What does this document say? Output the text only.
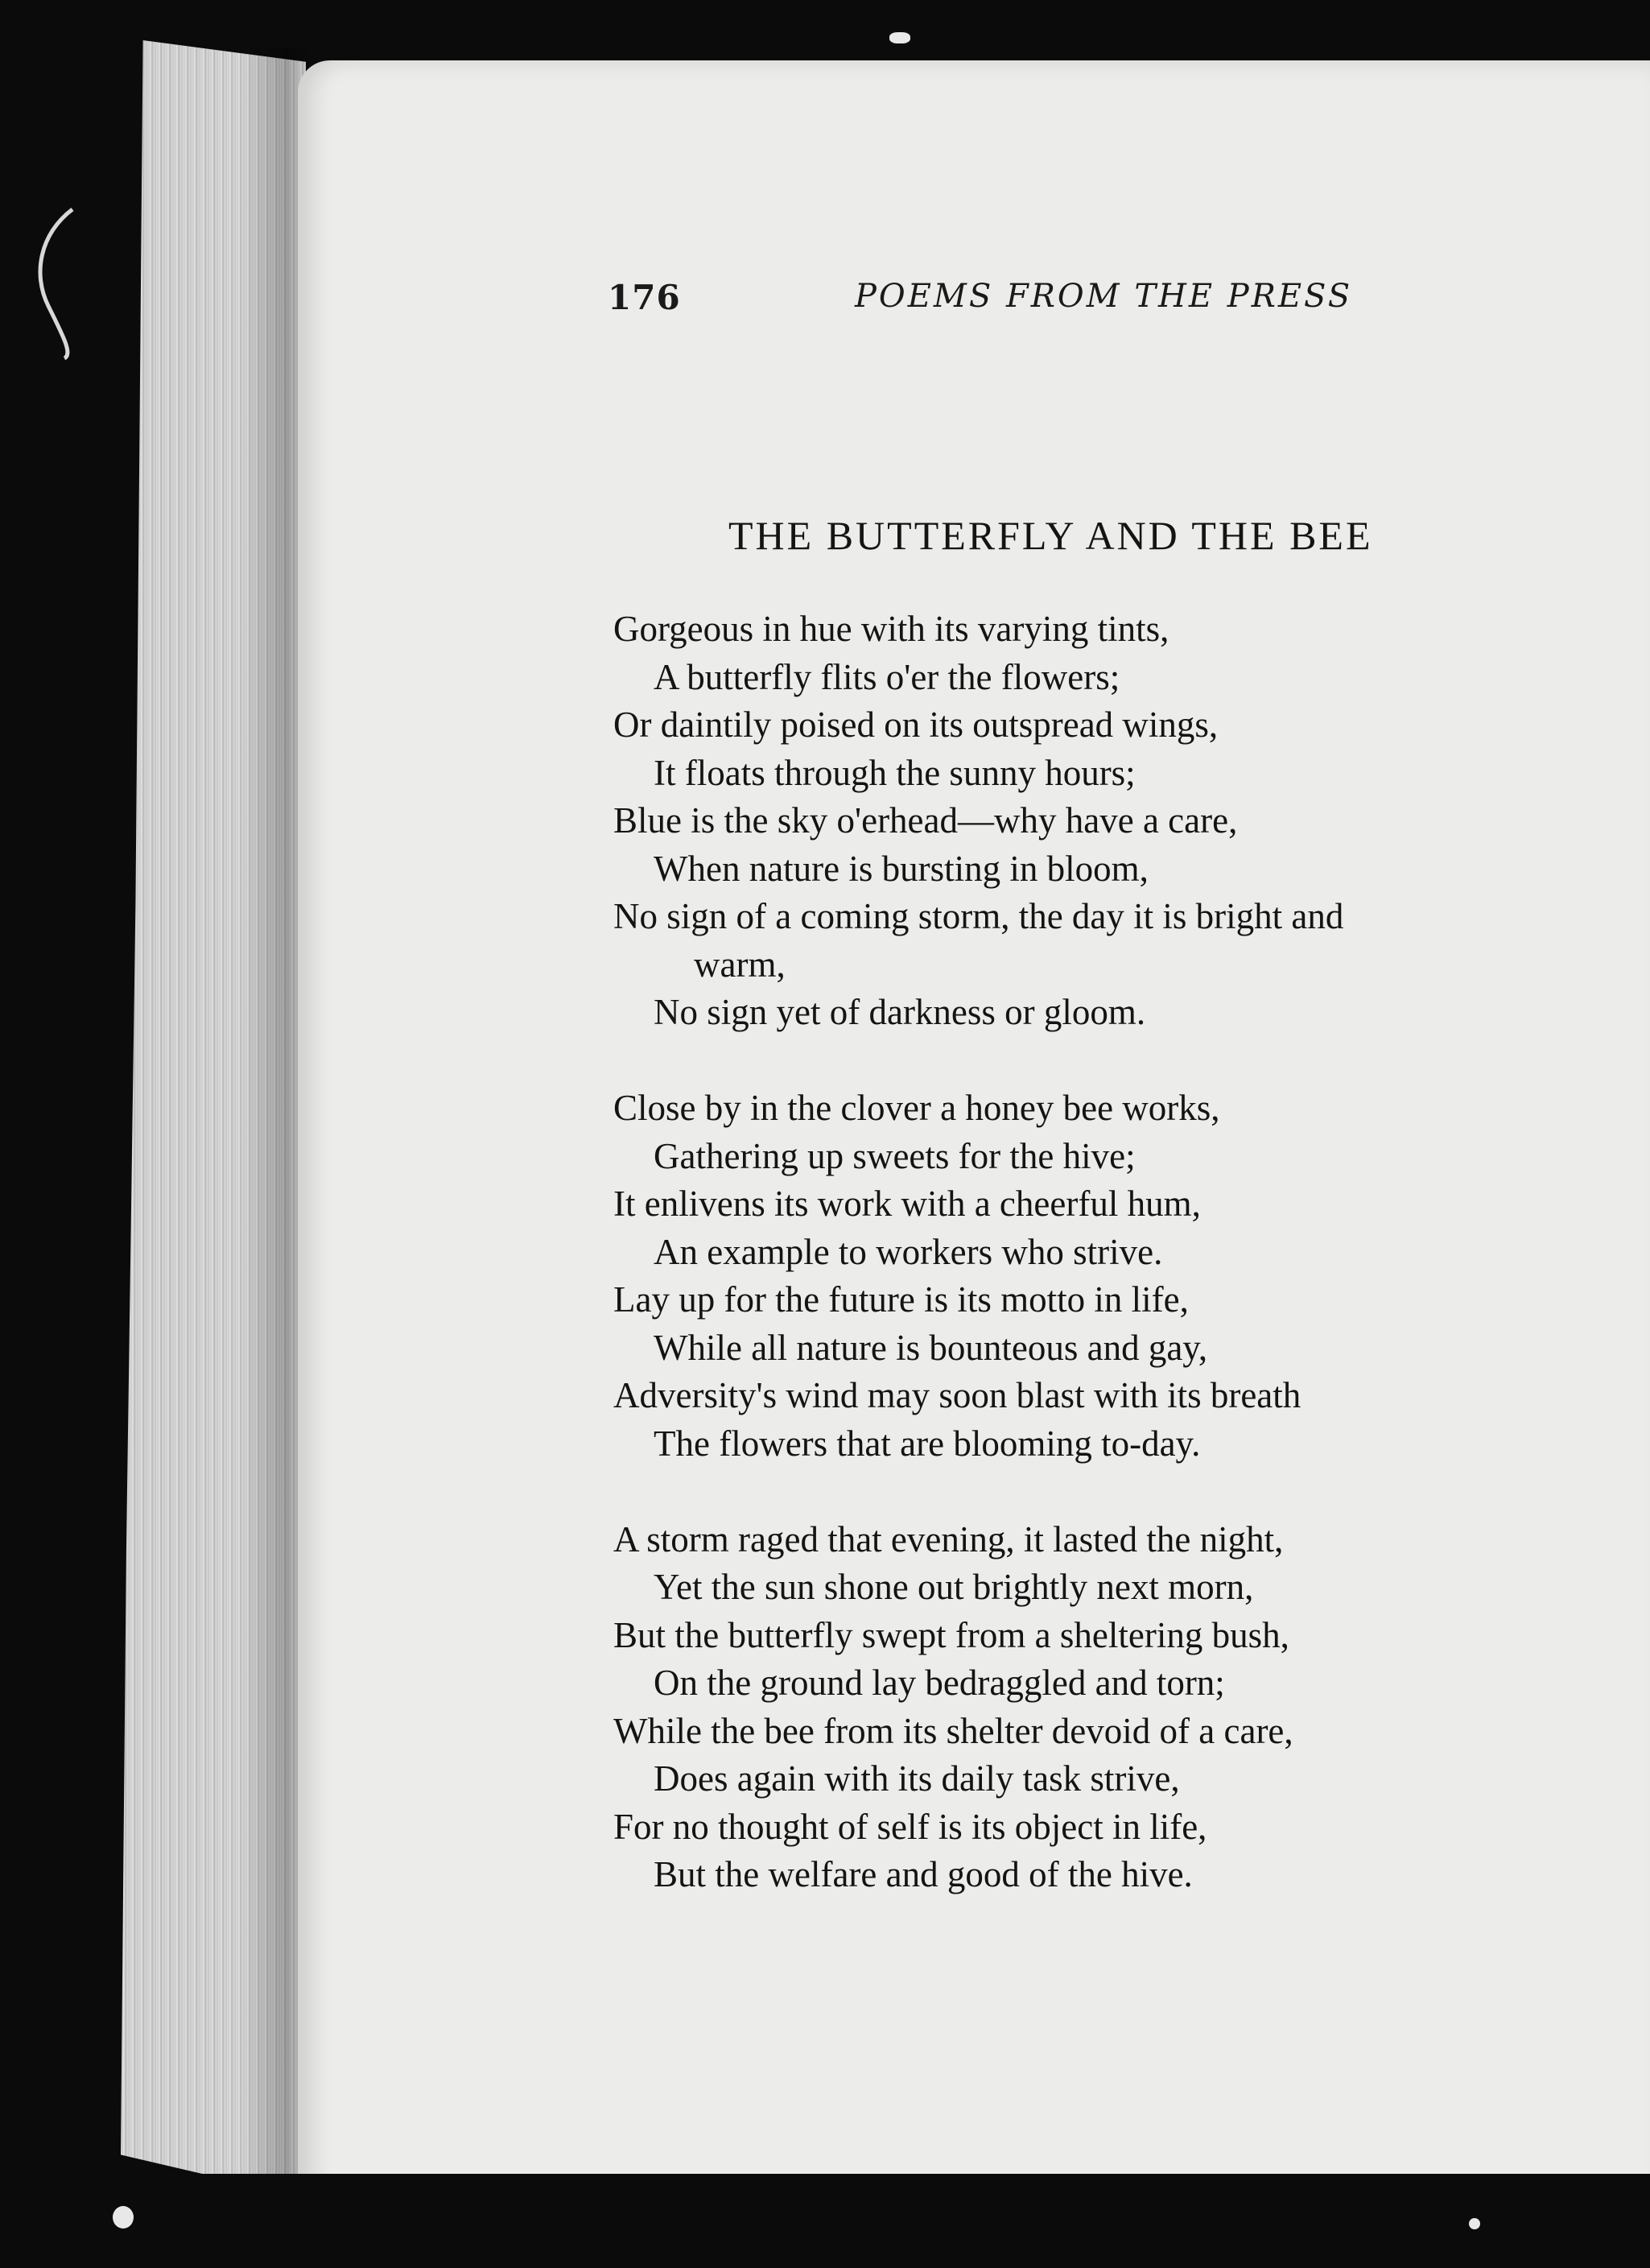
176	POEMS FROM THE PRESS
THE BUTTERFLY AND THE BEE
Gorgeous in hue with its varying tints,
A butterfly flits o'er the flowers;
Or daintily poised on its outspread wings,
It floats through the sunny hours;
Blue is the sky o'erhead—why have a care,
When nature is bursting in bloom,
No sign of a coming storm, the day it is bright and
warm,
No sign yet of darkness or gloom.
Close by in the clover a honey bee works,
Gathering up sweets for the hive;
It enlivens its work with a cheerful hum,
An example to workers who strive.
Lay up for the future is its motto in life,
While all nature is bounteous and gay,
Adversity's wind may soon blast with its breath
The flowers that are blooming to-day.
A storm raged that evening, it lasted the night,
Yet the sun shone out brightly next morn,
But the butterfly swept from a sheltering bush,
On the ground lay bedraggled and torn;
While the bee from its shelter devoid of a care,
Does again with its daily task strive,
For no thought of self is its object in life,
But the welfare and good of the hive.
